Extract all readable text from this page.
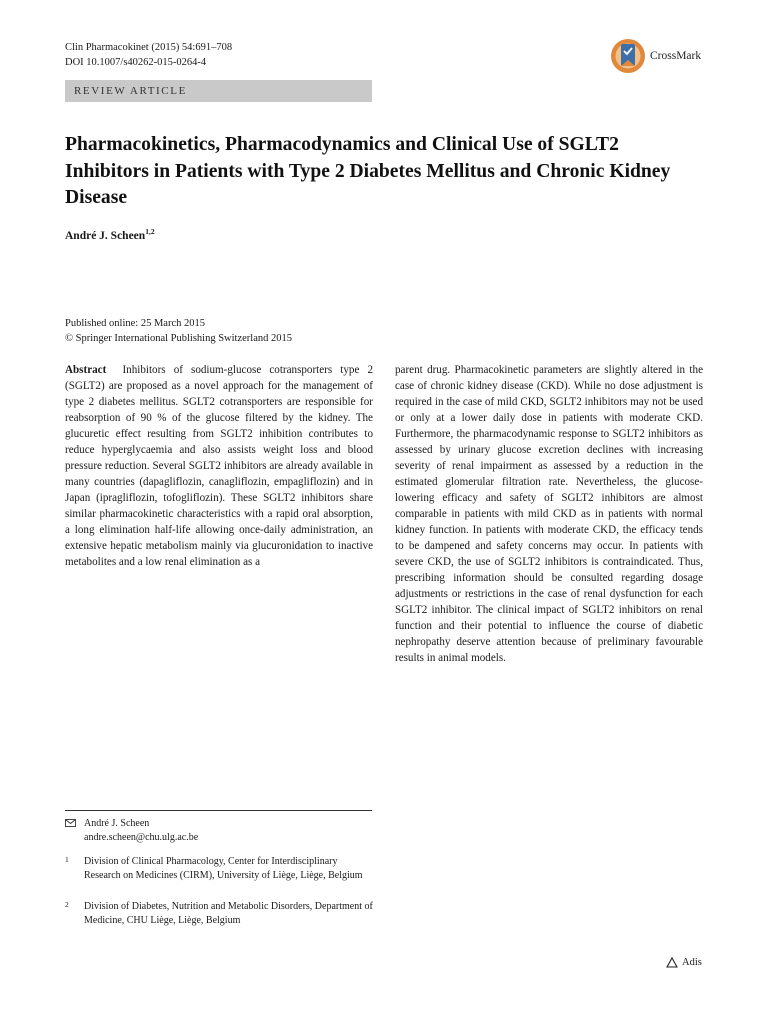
Clin Pharmacokinet (2015) 54:691–708
DOI 10.1007/s40262-015-0264-4
CrossMark
REVIEW ARTICLE
Pharmacokinetics, Pharmacodynamics and Clinical Use of SGLT2 Inhibitors in Patients with Type 2 Diabetes Mellitus and Chronic Kidney Disease
André J. Scheen$^{1,2}$
Published online: 25 March 2015
© Springer International Publishing Switzerland 2015

Abstract Inhibitors of sodium-glucose cotransporters type 2 (SGLT2) are proposed as a novel approach for the management of type 2 diabetes mellitus. SGLT2 cotransporters are responsible for reabsorption of 90 % of the glucose filtered by the kidney. The glucuretic effect resulting from SGLT2 inhibition contributes to reduce hyperglycaemia and also assists weight loss and blood pressure reduction. Several SGLT2 inhibitors are already available in many countries (dapagliflozin, canagliflozin, empagliflozin) and in Japan (ipragliflozin, tofogliflozin). These SGLT2 inhibitors share similar pharmacokinetic characteristics with a rapid oral absorption, a long elimination half-life allowing once-daily administration, an extensive hepatic metabolism mainly via glucuronidation to inactive metabolites and a low renal elimination as a

parent drug. Pharmacokinetic parameters are slightly altered in the case of chronic kidney disease (CKD). While no dose adjustment is required in the case of mild CKD, SGLT2 inhibitors may not be used or only at a lower daily dose in patients with moderate CKD. Furthermore, the pharmacodynamic response to SGLT2 inhibitors as assessed by urinary glucose excretion declines with increasing severity of renal impairment as assessed by a reduction in the estimated glomerular filtration rate. Nevertheless, the glucose-lowering efficacy and safety of SGLT2 inhibitors are almost comparable in patients with mild CKD as in patients with normal kidney function. In patients with moderate CKD, the efficacy tends to be dampened and safety concerns may occur. In patients with severe CKD, the use of SGLT2 inhibitors is contraindicated. Thus, prescribing information should be consulted regarding dosage adjustments or restrictions in the case of renal dysfunction for each SGLT2 inhibitor. The clinical impact of SGLT2 inhibitors on renal function and their potential to influence the course of diabetic nephropathy deserve attention because of preliminary favourable results in animal models.

André J. Scheen
andre.scheen@chu.ulg.ac.be
1	Division of Clinical Pharmacology, Center for Interdisciplinary Research on Medicines (CIRM), University of Liège, Liège, Belgium
2	Division of Diabetes, Nutrition and Metabolic Disorders, Department of Medicine, CHU Liège, Liège, Belgium
Adis
